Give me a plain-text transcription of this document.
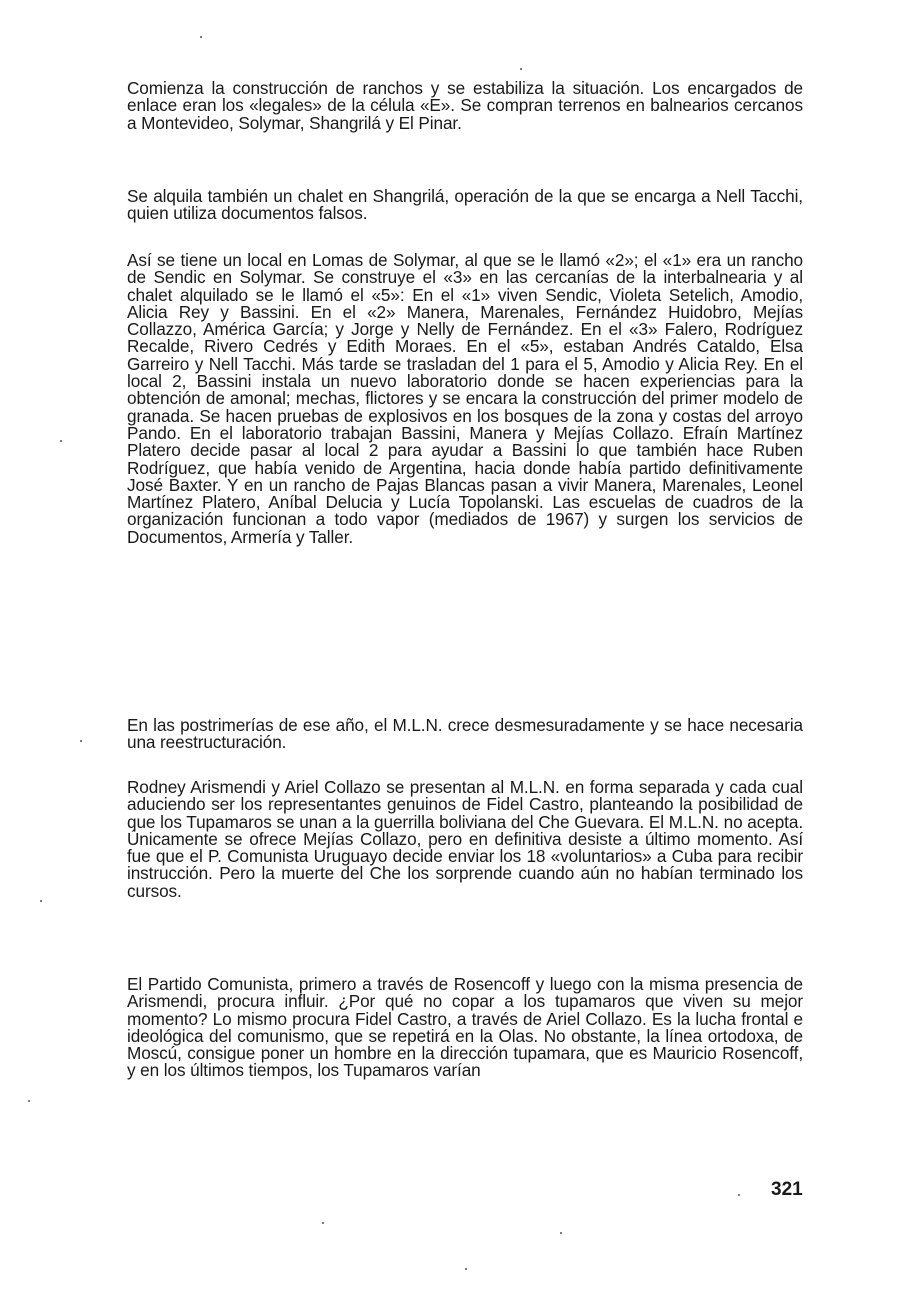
Comienza la construcción de ranchos y se estabiliza la situación. Los encargados de enlace eran los «legales» de la célula «E». Se compran terrenos en balnearios cercanos a Montevideo, Solymar, Shangrilá y El Pinar.

Se alquila también un chalet en Shangrilá, operación de la que se encarga a Nell Tacchi, quien utiliza documentos falsos.

Así se tiene un local en Lomas de Solymar, al que se le llamó «2»; el «1» era un rancho de Sendic en Solymar. Se construye el «3» en las cercanías de la interbalnearia y al chalet alquilado se le llamó el «5»: En el «1» viven Sendic, Violeta Setelich, Amodio, Alicia Rey y Bassini. En el «2» Manera, Marenales, Fernández Huidobro, Mejías Collazzo, América García; y Jorge y Nelly de Fernández. En el «3» Falero, Rodríguez Recalde, Rivero Cedrés y Edith Moraes. En el «5», estaban Andrés Cataldo, Elsa Garreiro y Nell Tacchi. Más tarde se trasladan del 1 para el 5, Amodio y Alicia Rey. En el local 2, Bassini instala un nuevo laboratorio donde se hacen experiencias para la obtención de amonal; mechas, flictores y se encara la construcción del primer modelo de granada. Se hacen pruebas de explosivos en los bosques de la zona y costas del arroyo Pando. En el laboratorio trabajan Bassini, Manera y Mejías Collazo. Efraín Martínez Platero decide pasar al local 2 para ayudar a Bassini lo que también hace Ruben Rodríguez, que había venido de Argentina, hacia donde había partido definitivamente José Baxter. Y en un rancho de Pajas Blancas pasan a vivir Manera, Marenales, Leonel Martínez Platero, Aníbal Delucia y Lucía Topolanski. Las escuelas de cuadros de la organización funcionan a todo vapor (mediados de 1967) y surgen los servicios de Documentos, Armería y Taller.

En las postrimerías de ese año, el M.L.N. crece desmesuradamente y se hace necesaria una reestructuración.

Rodney Arismendi y Ariel Collazo se presentan al M.L.N. en forma separada y cada cual aduciendo ser los representantes genuinos de Fidel Castro, planteando la posibilidad de que los Tupamaros se unan a la guerrilla boliviana del Che Guevara. El M.L.N. no acepta. Únicamente se ofrece Mejías Collazo, pero en definitiva desiste a último momento. Así fue que el P. Comunista Uruguayo decide enviar los 18 «voluntarios» a Cuba para recibir instrucción. Pero la muerte del Che los sorprende cuando aún no habían terminado los cursos.

El Partido Comunista, primero a través de Rosencoff y luego con la misma presencia de Arismendi, procura influir. ¿Por qué no copar a los tupamaros que viven su mejor momento? Lo mismo procura Fidel Castro, a través de Ariel Collazo. Es la lucha frontal e ideológica del comunismo, que se repetirá en la Olas. No obstante, la línea ortodoxa, de Moscú, consigue poner un hombre en la dirección tupamara, que es Mauricio Rosencoff, y en los últimos tiempos, los Tupamaros varían

321
